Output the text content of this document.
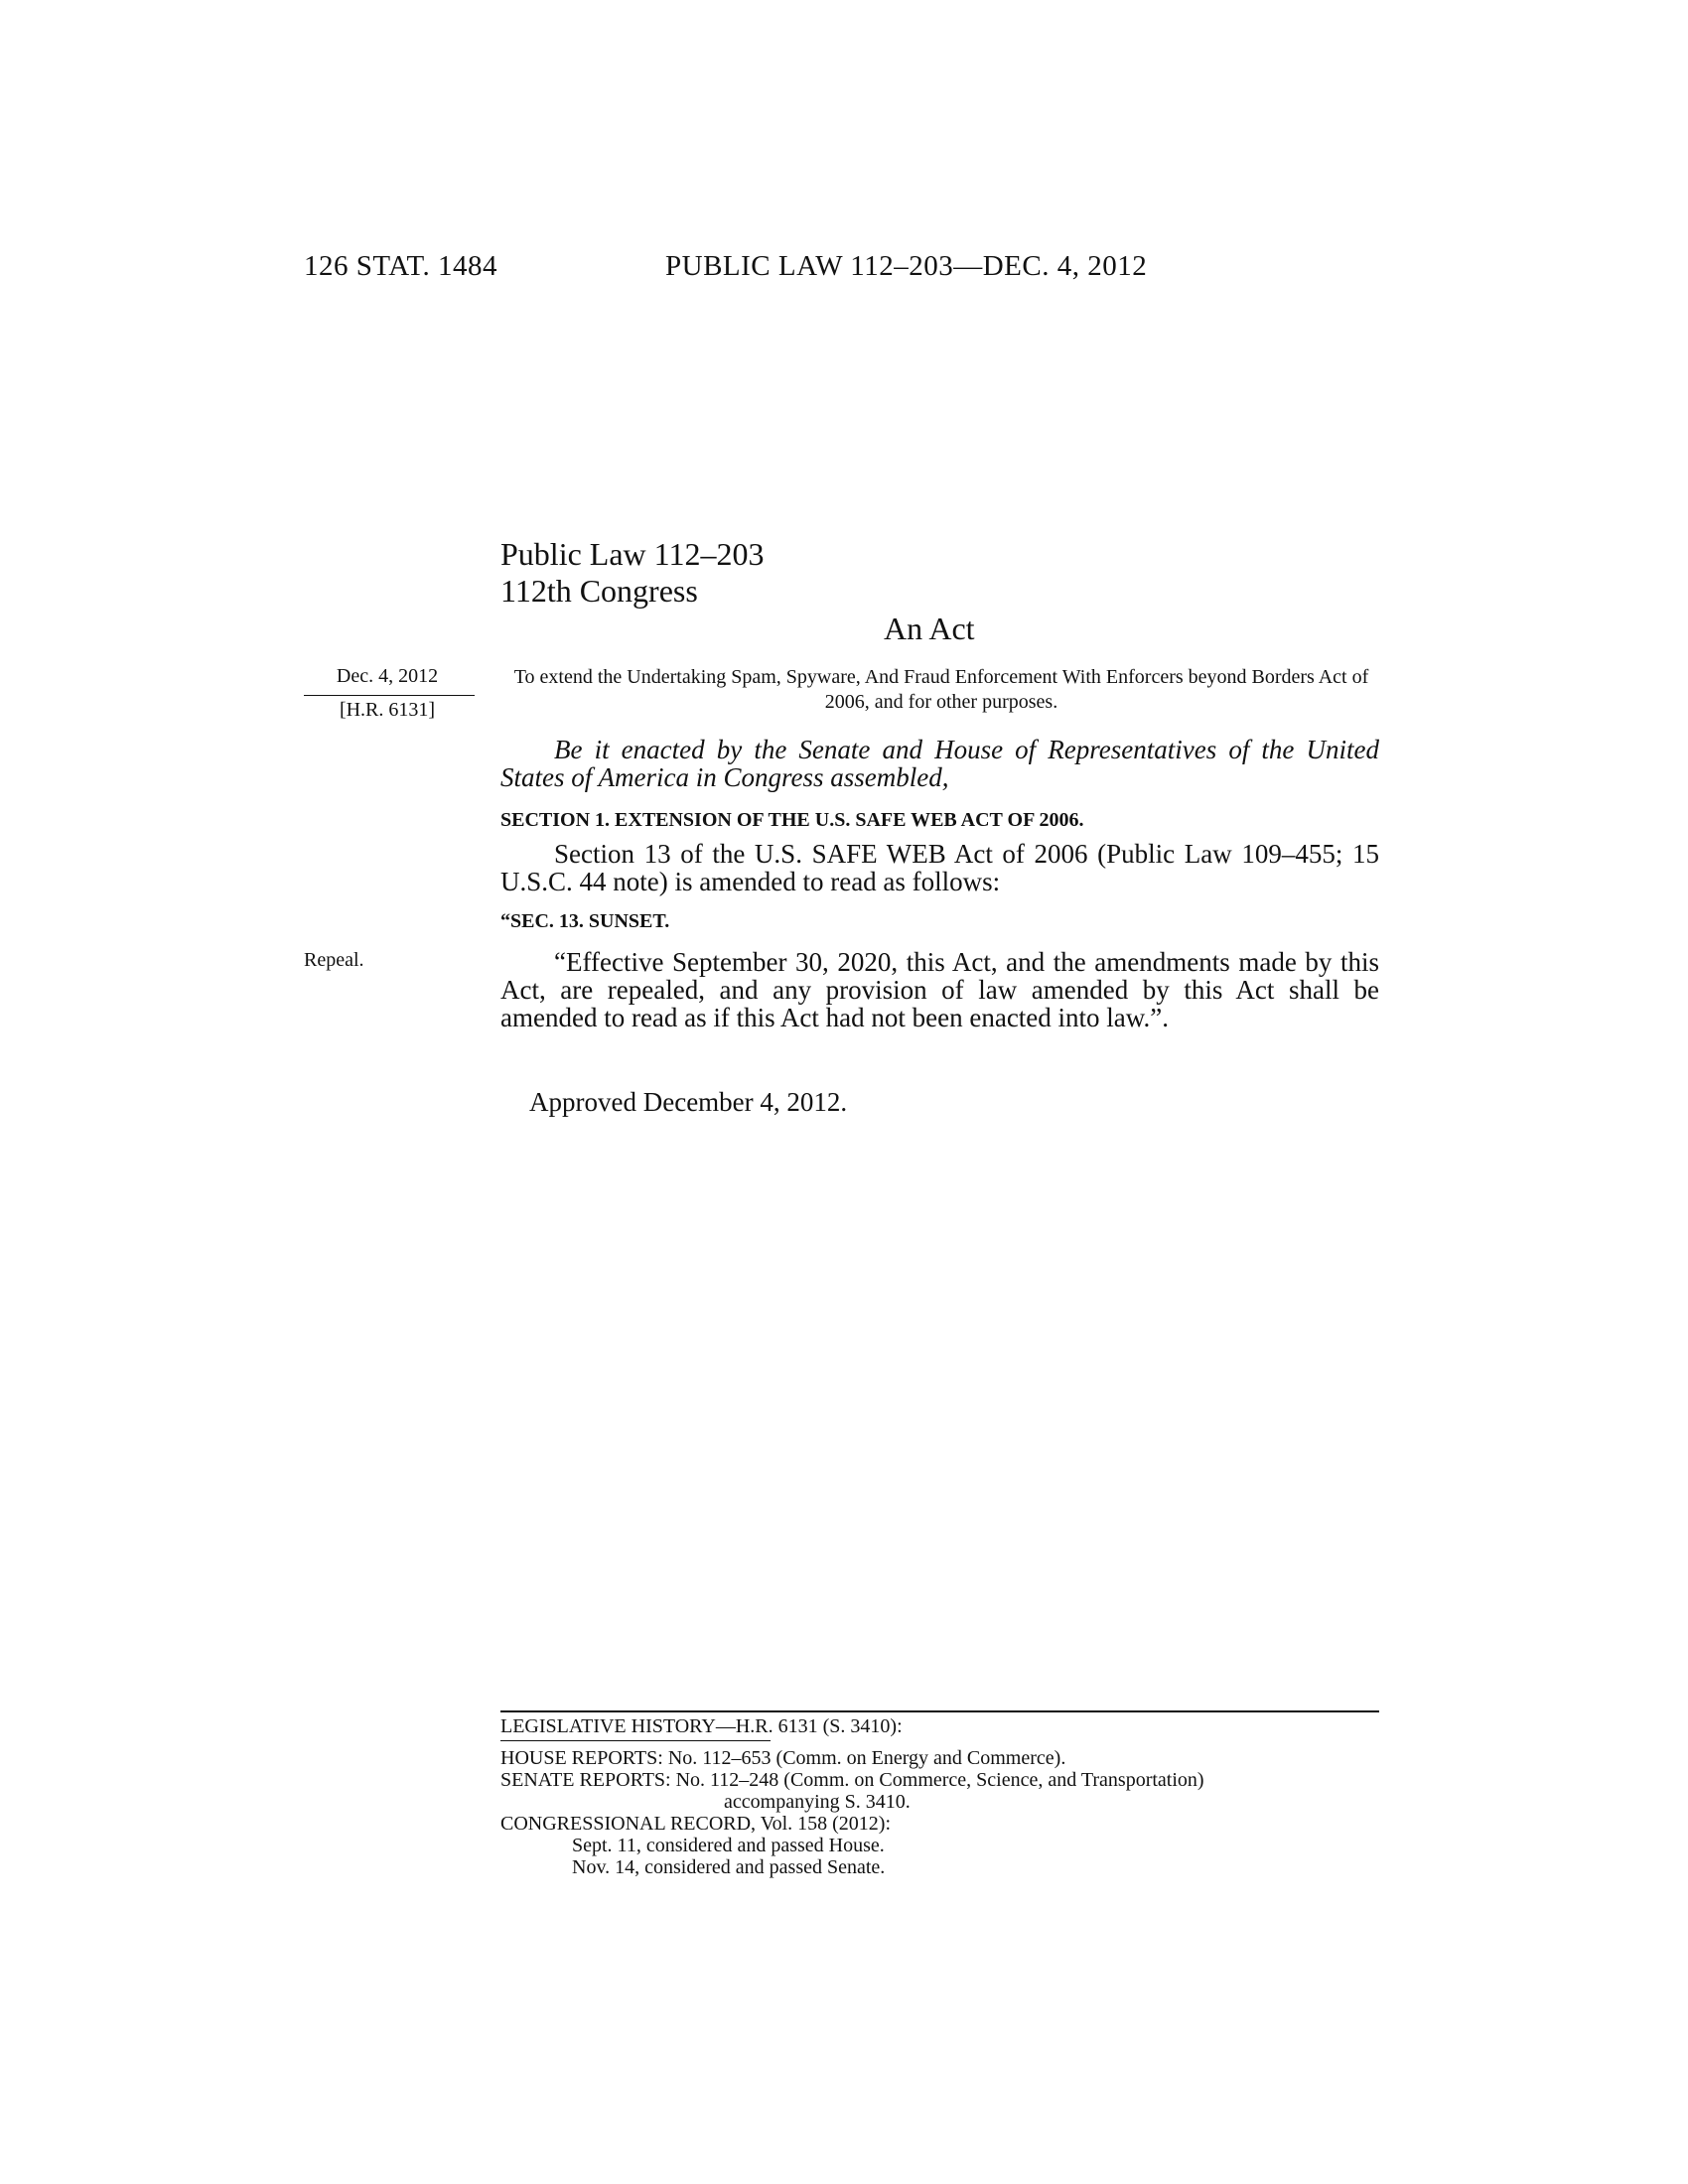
126 STAT. 1484	PUBLIC LAW 112–203—DEC. 4, 2012
Public Law 112–203
112th Congress
An Act
Dec. 4, 2012
[H.R. 6131]
Repeal.
To extend the Undertaking Spam, Spyware, And Fraud Enforcement With Enforcers beyond Borders Act of 2006, and for other purposes.
Be it enacted by the Senate and House of Representatives of the United States of America in Congress assembled,
SECTION 1. EXTENSION OF THE U.S. SAFE WEB ACT OF 2006.
Section 13 of the U.S. SAFE WEB Act of 2006 (Public Law 109–455; 15 U.S.C. 44 note) is amended to read as follows:
“SEC. 13. SUNSET.
“Effective September 30, 2020, this Act, and the amendments made by this Act, are repealed, and any provision of law amended by this Act shall be amended to read as if this Act had not been enacted into law.”.
Approved December 4, 2012.
LEGISLATIVE HISTORY—H.R. 6131 (S. 3410):
HOUSE REPORTS: No. 112–653 (Comm. on Energy and Commerce).
SENATE REPORTS: No. 112–248 (Comm. on Commerce, Science, and Transportation)
accompanying S. 3410.
CONGRESSIONAL RECORD, Vol. 158 (2012):
Sept. 11, considered and passed House.
Nov. 14, considered and passed Senate.
